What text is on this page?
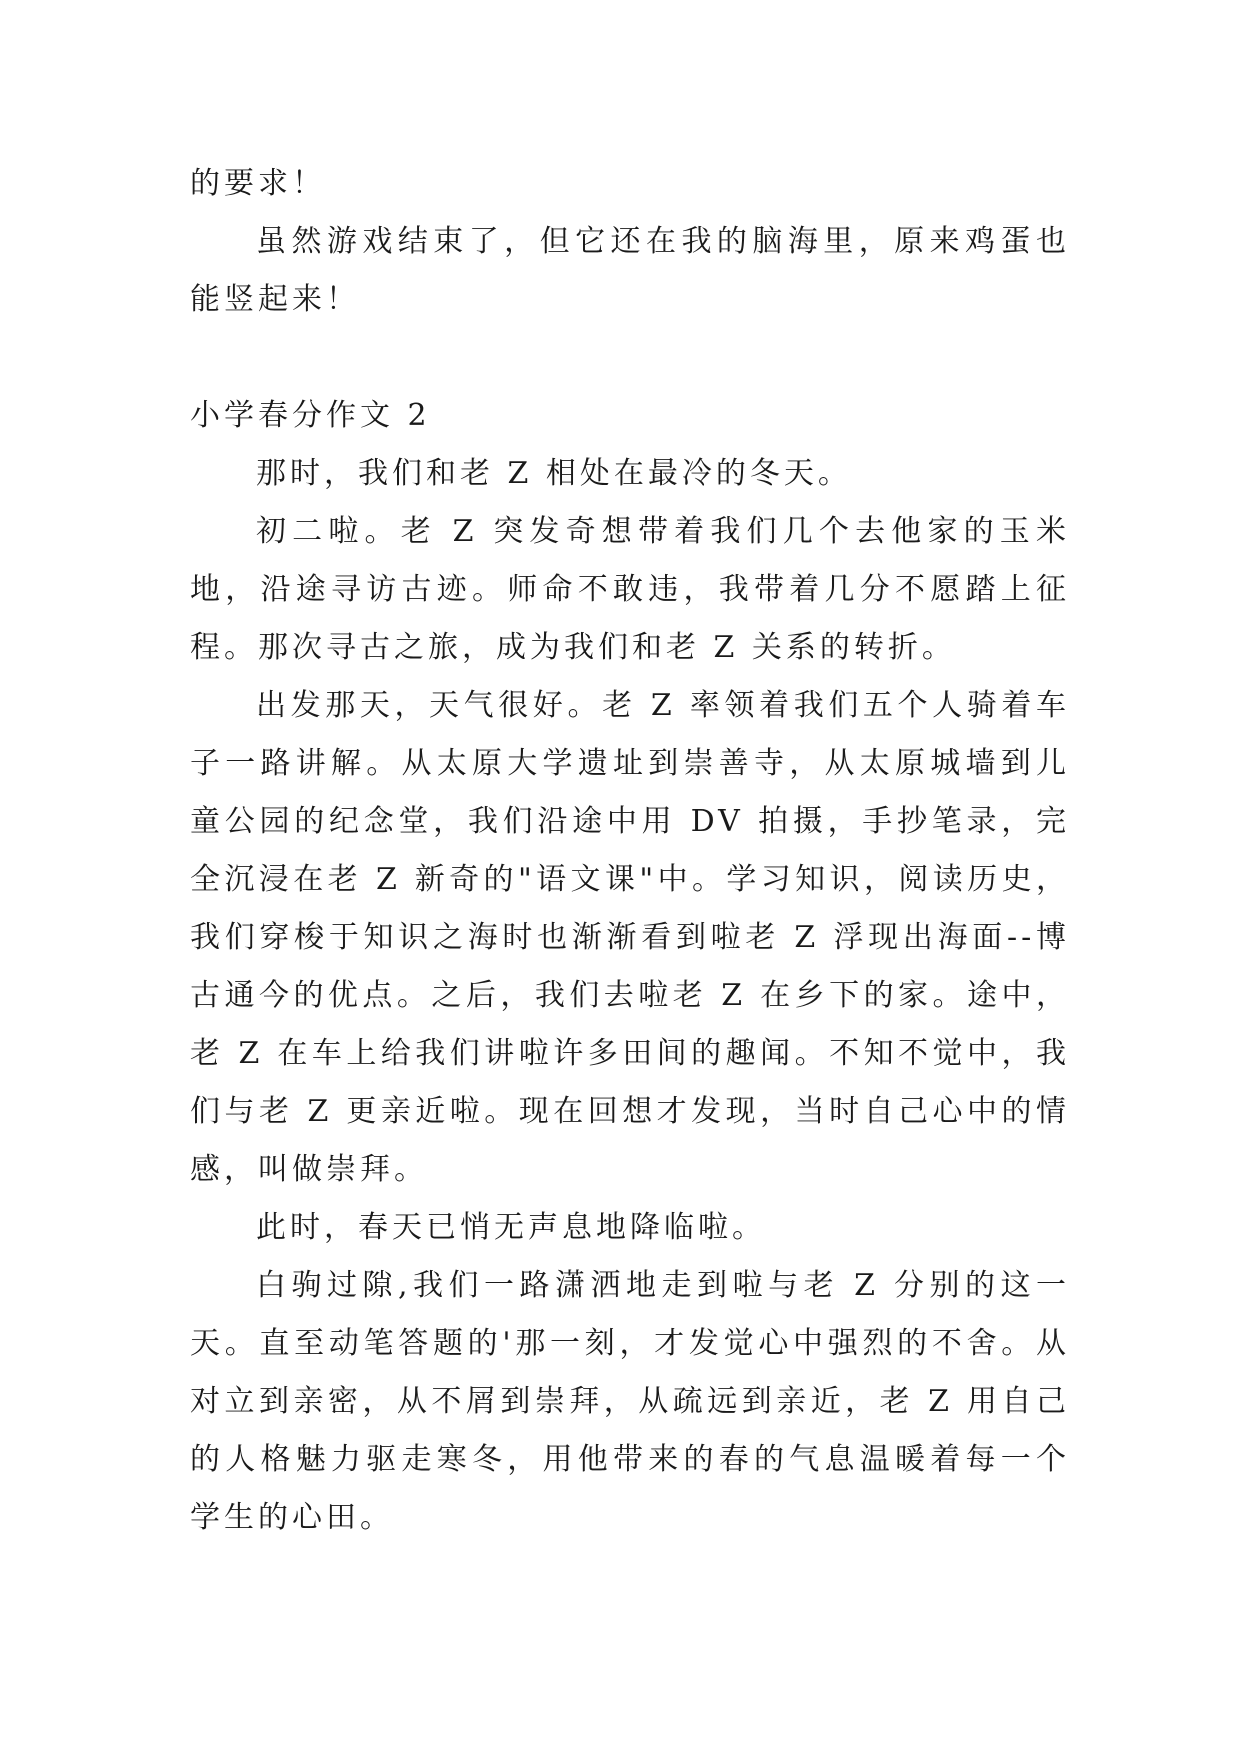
的要求！

虽然游戏结束了，但它还在我的脑海里，原来鸡蛋也能竖起来！

小学春分作文 2

那时，我们和老 Z 相处在最冷的冬天。

初二啦。老 Z 突发奇想带着我们几个去他家的玉米地，沿途寻访古迹。师命不敢违，我带着几分不愿踏上征程。那次寻古之旅，成为我们和老 Z 关系的转折。

出发那天，天气很好。老 Z 率领着我们五个人骑着车子一路讲解。从太原大学遗址到崇善寺，从太原城墙到儿童公园的纪念堂，我们沿途中用 DV 拍摄，手抄笔录，完全沉浸在老 Z 新奇的"语文课"中。学习知识，阅读历史，我们穿梭于知识之海时也渐渐看到啦老 Z 浮现出海面--博古通今的优点。之后，我们去啦老 Z 在乡下的家。途中，老 Z 在车上给我们讲啦许多田间的趣闻。不知不觉中，我们与老 Z 更亲近啦。现在回想才发现，当时自己心中的情感，叫做崇拜。

此时，春天已悄无声息地降临啦。

白驹过隙,我们一路潇洒地走到啦与老 Z 分别的这一天。直至动笔答题的'那一刻，才发觉心中强烈的不舍。从对立到亲密，从不屑到崇拜，从疏远到亲近，老 Z 用自己的人格魅力驱走寒冬，用他带来的春的气息温暖着每一个学生的心田。
